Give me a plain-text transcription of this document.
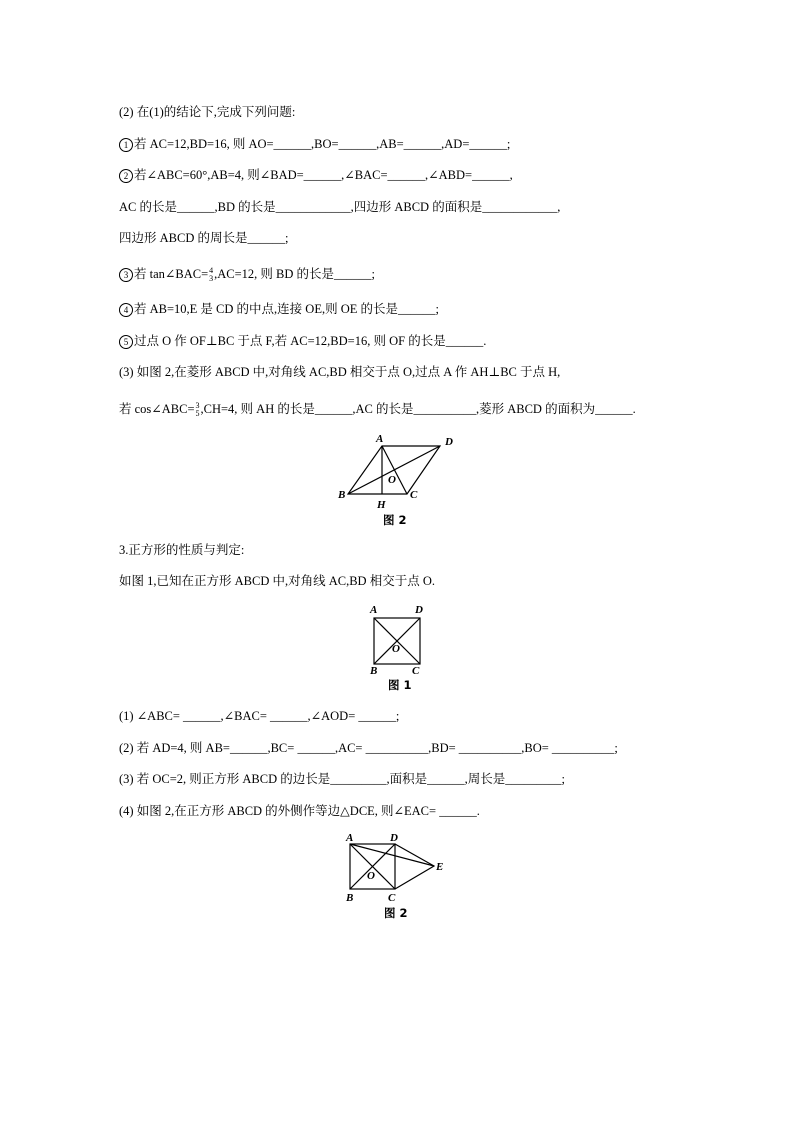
(2) 在(1)的结论下,完成下列问题:
1 若 AC=12,BD=16, 则 AO=______,BO=______,AB=______,AD=______;
2 若∠ABC=60°,AB=4, 则∠BAD=______,∠BAC=______,∠ABD=______,
AC 的长是______,BD 的长是____________,四边形 ABCD 的面积是____________,
四边形 ABCD 的周长是______;
3 若 tan∠BAC= 4
3 ,AC=12, 则 BD 的长是______;
4 若 AB=10,E 是 CD 的中点,连接 OE,则 OE 的长是______;
5 过点 O 作 OF⊥BC 于点 F,若 AC=12,BD=16, 则 OF 的长是______.
(3) 如图 2,在菱形 ABCD 中,对角线 AC,BD 相交于点 O,过点 A 作 AH⊥BC 于点 H,
若 cos∠ABC= 3
5 ,CH=4, 则 AH 的长是______,AC 的长是__________,菱形 ABCD 的面积为______.
A	D
B	C
O
H
图 2
3.正方形的性质与判定:
如图 1,已知在正方形 ABCD 中,对角线 AC,BD 相交于点 O.
A	D
B	C
O
图 1
(1) ∠ABC= ______,∠BAC= ______,∠AOD= ______;
(2) 若 AD=4, 则 AB=______,BC= ______,AC= __________,BD= __________,BO= __________;
(3) 若 OC=2, 则正方形 ABCD 的边长是_________,面积是______,周长是_________;
(4) 如图 2,在正方形 ABCD 的外侧作等边△DCE, 则∠EAC= ______.
A	D
E
B	C
O
图 2
